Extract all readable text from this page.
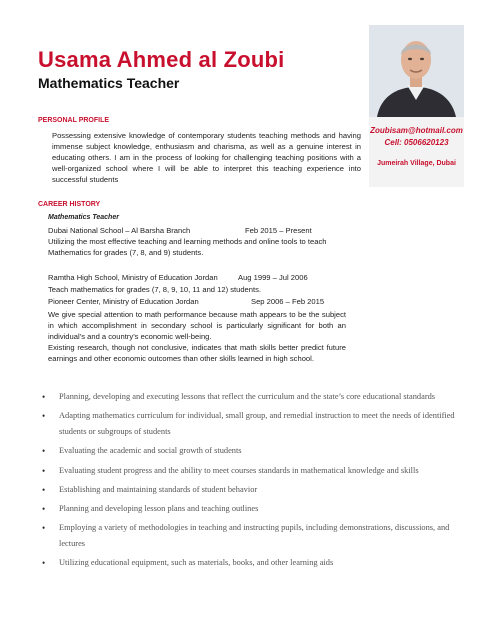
Usama Ahmed al Zoubi
Mathematics Teacher
Zoubisam@hotmail.com
Cell: 0506620123
Jumeirah Village, Dubai
PERSONAL PROFILE
Possessing extensive knowledge of contemporary students teaching methods and having immense subject knowledge, enthusiasm and charisma, as well as a genuine interest in educating others. I am in the process of looking for challenging teaching positions with a well-organized school where I will be able to interpret this teaching experience into successful students
CAREER HISTORY
Mathematics Teacher
Dubai National School – Al Barsha Branch	Feb 2015 – Present
Utilizing the most effective teaching and learning methods and online tools to teach Mathematics for grades (7, 8, and 9) students.
Ramtha High School, Ministry of Education Jordan	Aug 1999 – Jul 2006
Teach mathematics for grades (7, 8, 9, 10, 11 and 12) students.
Pioneer Center, Ministry of Education Jordan	Sep 2006 – Feb 2015
We give special attention to math performance because math appears to be the subject in which accomplishment in secondary school is particularly significant for both an individual’s and a country’s economic well-being.
Existing research, though not conclusive, indicates that math skills better predict future earnings and other economic outcomes than other skills learned in high school.
• Planning, developing and executing lessons that reflect the curriculum and the state’s core educational standards
• Adapting mathematics curriculum for individual, small group, and remedial instruction to meet the needs of identified students or subgroups of students
• Evaluating the academic and social growth of students
• Evaluating student progress and the ability to meet courses standards in mathematical knowledge and skills
• Establishing and maintaining standards of student behavior
• Planning and developing lesson plans and teaching outlines
• Employing a variety of methodologies in teaching and instructing pupils, including demonstrations, discussions, and lectures
• Utilizing educational equipment, such as materials, books, and other learning aids
